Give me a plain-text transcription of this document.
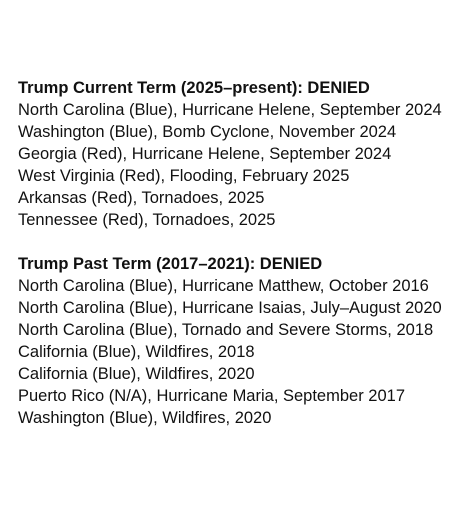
Trump Current Term (2025–present): DENIED
North Carolina (Blue), Hurricane Helene, September 2024
Washington (Blue), Bomb Cyclone, November 2024
Georgia (Red), Hurricane Helene, September 2024
West Virginia (Red), Flooding, February 2025
Arkansas (Red), Tornadoes, 2025
Tennessee (Red), Tornadoes, 2025
Trump Past Term (2017–2021): DENIED
North Carolina (Blue), Hurricane Matthew, October 2016
North Carolina (Blue), Hurricane Isaias, July–August 2020
North Carolina (Blue), Tornado and Severe Storms, 2018
California (Blue), Wildfires, 2018
California (Blue), Wildfires, 2020
Puerto Rico (N/A), Hurricane Maria, September 2017
Washington (Blue), Wildfires, 2020
